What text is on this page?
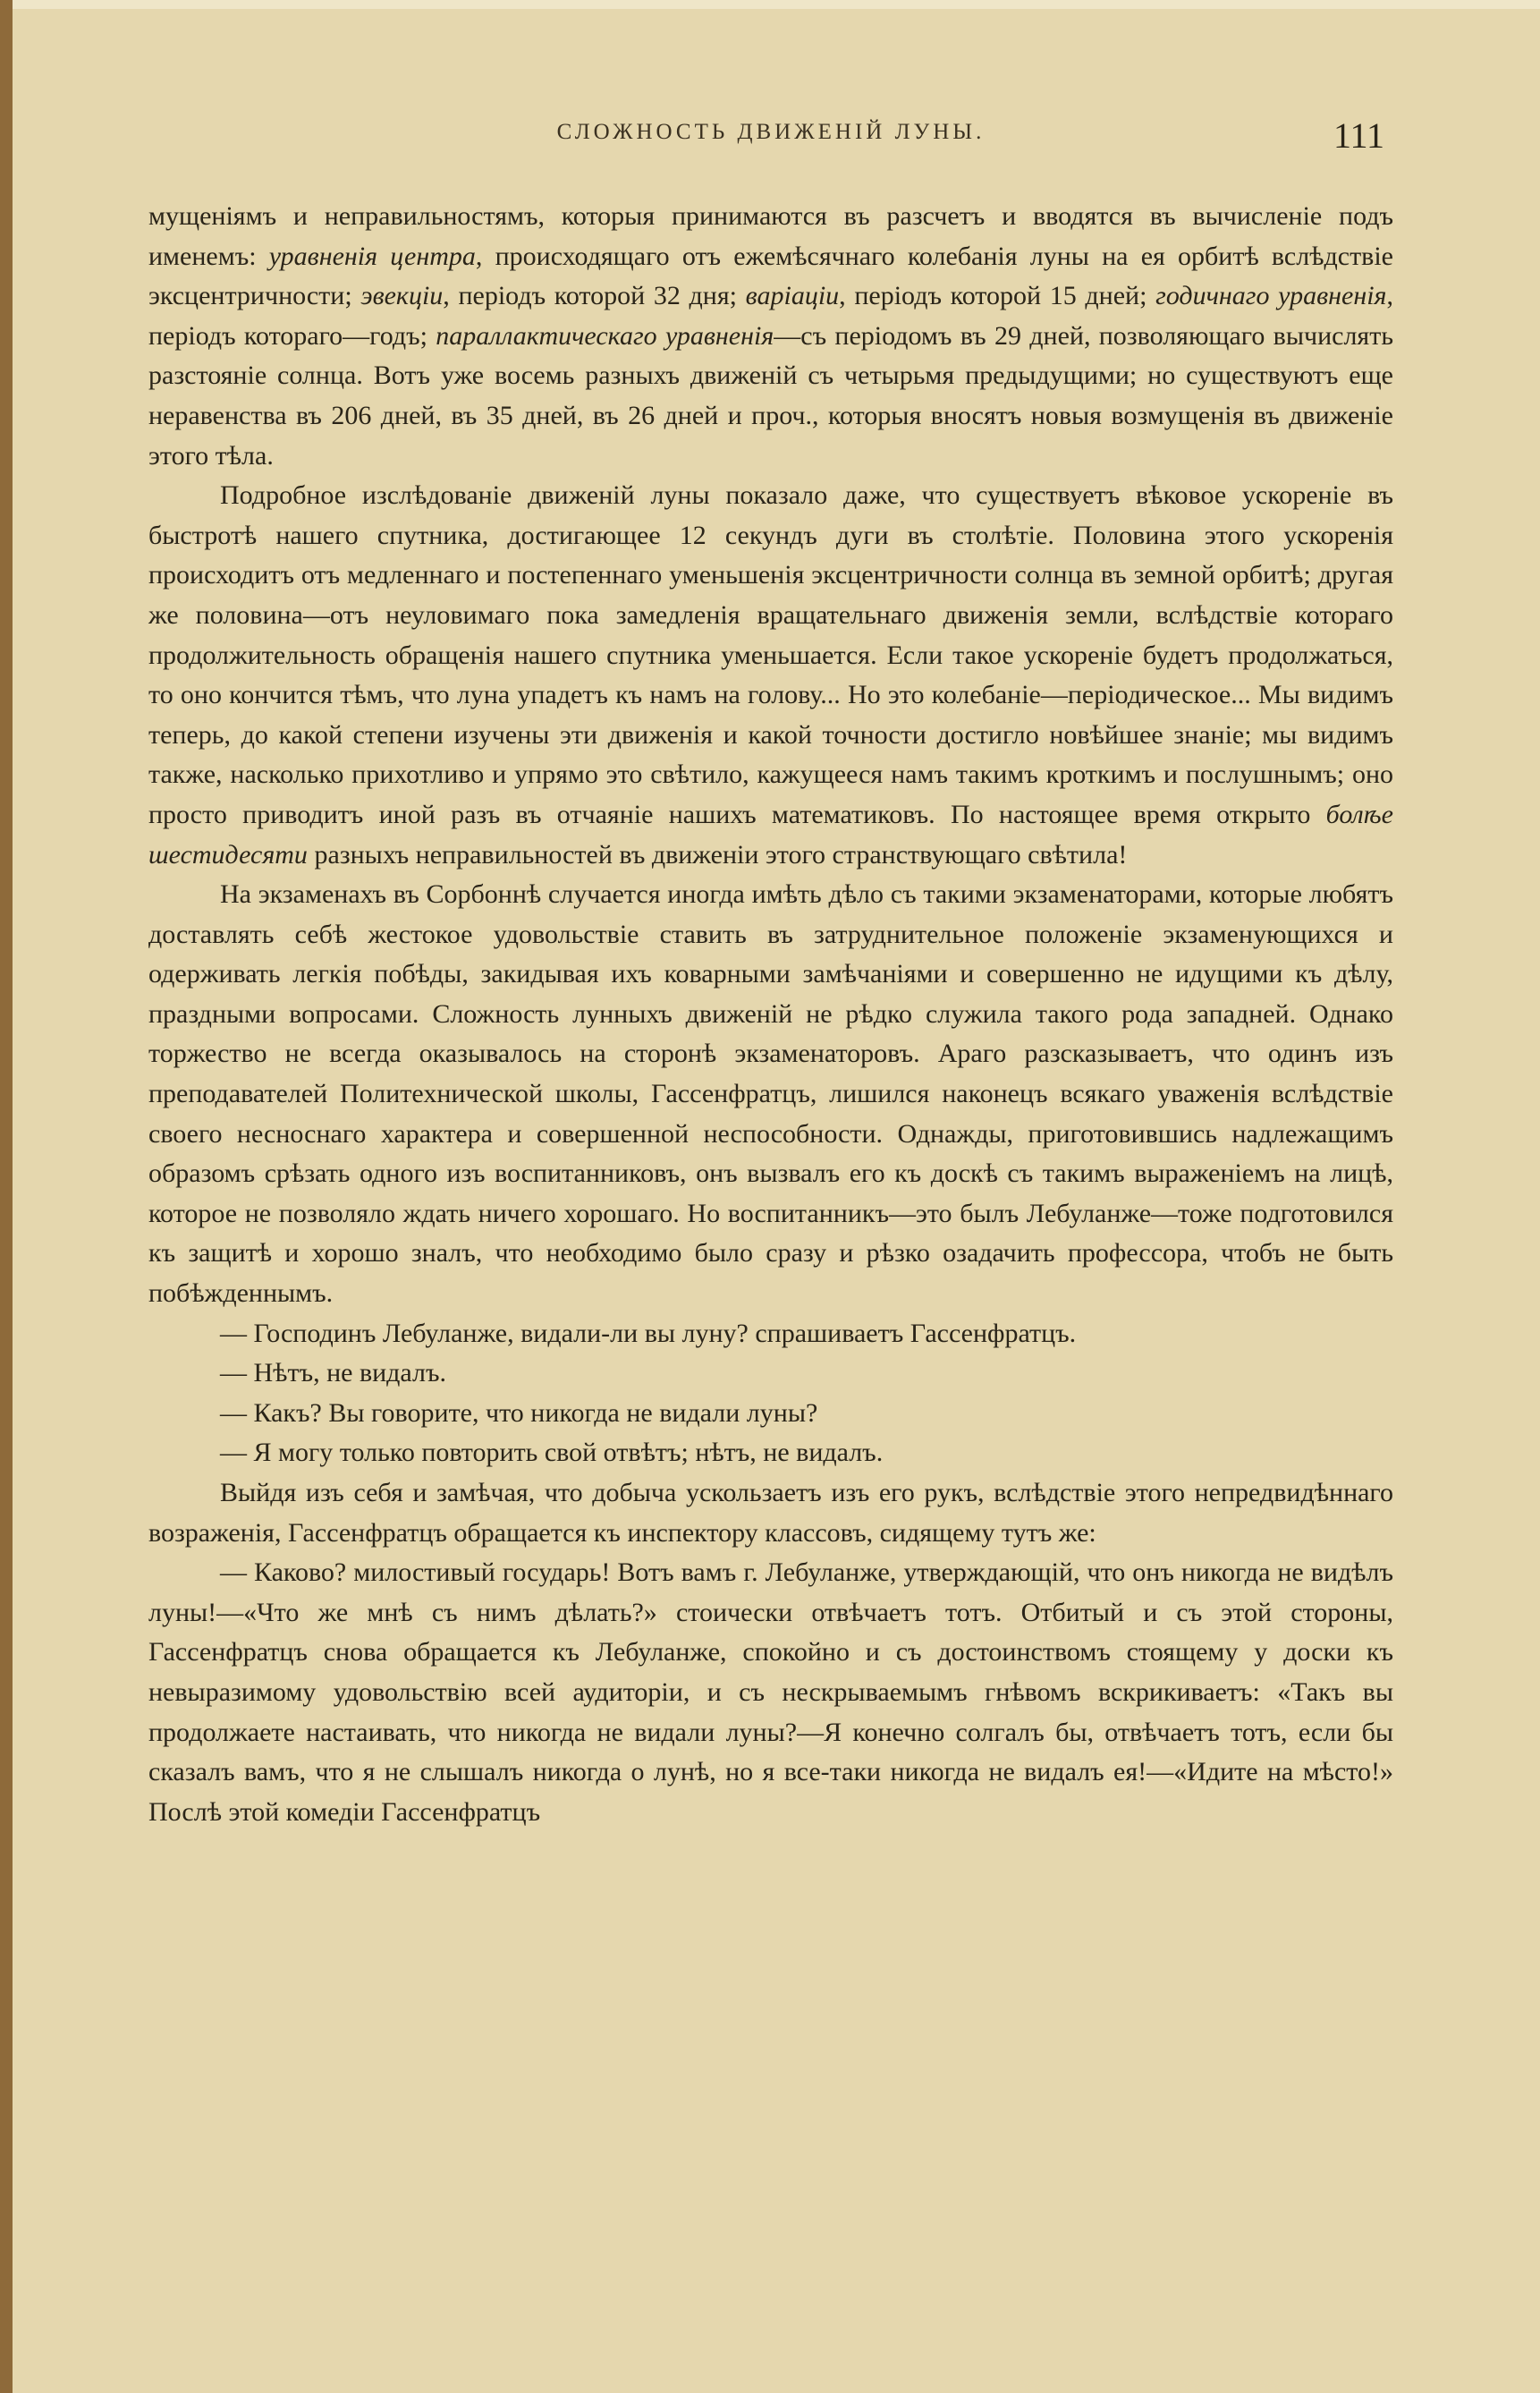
СЛОЖНОСТЬ ДВИЖЕНІЙ ЛУНЫ.	111

мущеніямъ и неправильностямъ, которыя принимаются въ разсчетъ и вводятся въ вычисленіе подъ именемъ: уравненія центра, происходящаго отъ ежемѣсячнаго колебанія луны на ея орбитѣ вслѣдствіе эксцентричности; эвекціи, періодъ которой 32 дня; варіаціи, періодъ которой 15 дней; годичнаго уравненія, періодъ котораго—годъ; параллактическаго уравненія—съ періодомъ въ 29 дней, позволяющаго вычислять разстояніе солнца. Вотъ уже восемь разныхъ движеній съ четырьмя предыдущими; но существуютъ еще неравенства въ 206 дней, въ 35 дней, въ 26 дней и проч., которыя вносятъ новыя возмущенія въ движеніе этого тѣла.

Подробное изслѣдованіе движеній луны показало даже, что существуетъ вѣковое ускореніе въ быстротѣ нашего спутника, достигающее 12 секундъ дуги въ столѣтіе. Половина этого ускоренія происходитъ отъ медленнаго и постепеннаго уменьшенія эксцентричности солнца въ земной орбитѣ; другая же половина—отъ неуловимаго пока замедленія вращательнаго движенія земли, вслѣдствіе котораго продолжительность обращенія нашего спутника уменьшается. Если такое ускореніе будетъ продолжаться, то оно кончится тѣмъ, что луна упадетъ къ намъ на голову... Но это колебаніе—періодическое... Мы видимъ теперь, до какой степени изучены эти движенія и какой точности достигло новѣйшее знаніе; мы видимъ также, насколько прихотливо и упрямо это свѣтило, кажущееся намъ такимъ кроткимъ и послушнымъ; оно просто приводитъ иной разъ въ отчаяніе нашихъ математиковъ. По настоящее время открыто болѣе шестидесяти разныхъ неправильностей въ движеніи этого странствующаго свѣтила!

На экзаменахъ въ Сорбоннѣ случается иногда имѣть дѣло съ такими экзаменаторами, которые любятъ доставлять себѣ жестокое удовольствіе ставить въ затруднительное положеніе экзаменующихся и одерживать легкія побѣды, закидывая ихъ коварными замѣчаніями и совершенно не идущими къ дѣлу, праздными вопросами. Сложность лунныхъ движеній не рѣдко служила такого рода западней. Однако торжество не всегда оказывалось на сторонѣ экзаменаторовъ. Араго разсказываетъ, что одинъ изъ преподавателей Политехнической школы, Гассенфратцъ, лишился наконецъ всякаго уваженія вслѣдствіе своего несноснаго характера и совершенной неспособности. Однажды, приготовившись надлежащимъ образомъ срѣзать одного изъ воспитанниковъ, онъ вызвалъ его къ доскѣ съ такимъ выраженіемъ на лицѣ, которое не позволяло ждать ничего хорошаго. Но воспитанникъ—это былъ Лебуланже—тоже подготовился къ защитѣ и хорошо зналъ, что необходимо было сразу и рѣзко озадачить профессора, чтобъ не быть побѣжденнымъ.

— Господинъ Лебуланже, видали-ли вы луну? спрашиваетъ Гассенфратцъ.

— Нѣтъ, не видалъ.

— Какъ? Вы говорите, что никогда не видали луны?

— Я могу только повторить свой отвѣтъ; нѣтъ, не видалъ.

Выйдя изъ себя и замѣчая, что добыча ускользаетъ изъ его рукъ, вслѣдствіе этого непредвидѣннаго возраженія, Гассенфратцъ обращается къ инспектору классовъ, сидящему тутъ же:

— Каково? милостивый государь! Вотъ вамъ г. Лебуланже, утверждающій, что онъ никогда не видѣлъ луны!—«Что же мнѣ съ нимъ дѣлать?» стоически отвѣчаетъ тотъ. Отбитый и съ этой стороны, Гассенфратцъ снова обращается къ Лебуланже, спокойно и съ достоинствомъ стоящему у доски къ невыразимому удовольствію всей аудиторіи, и съ нескрываемымъ гнѣвомъ вскрикиваетъ: «Такъ вы продолжаете настаивать, что никогда не видали луны?—Я конечно солгалъ бы, отвѣчаетъ тотъ, если бы сказалъ вамъ, что я не слышалъ никогда о лунѣ, но я все-таки никогда не видалъ ея!—«Идите на мѣсто!» Послѣ этой комедіи Гассенфратцъ
